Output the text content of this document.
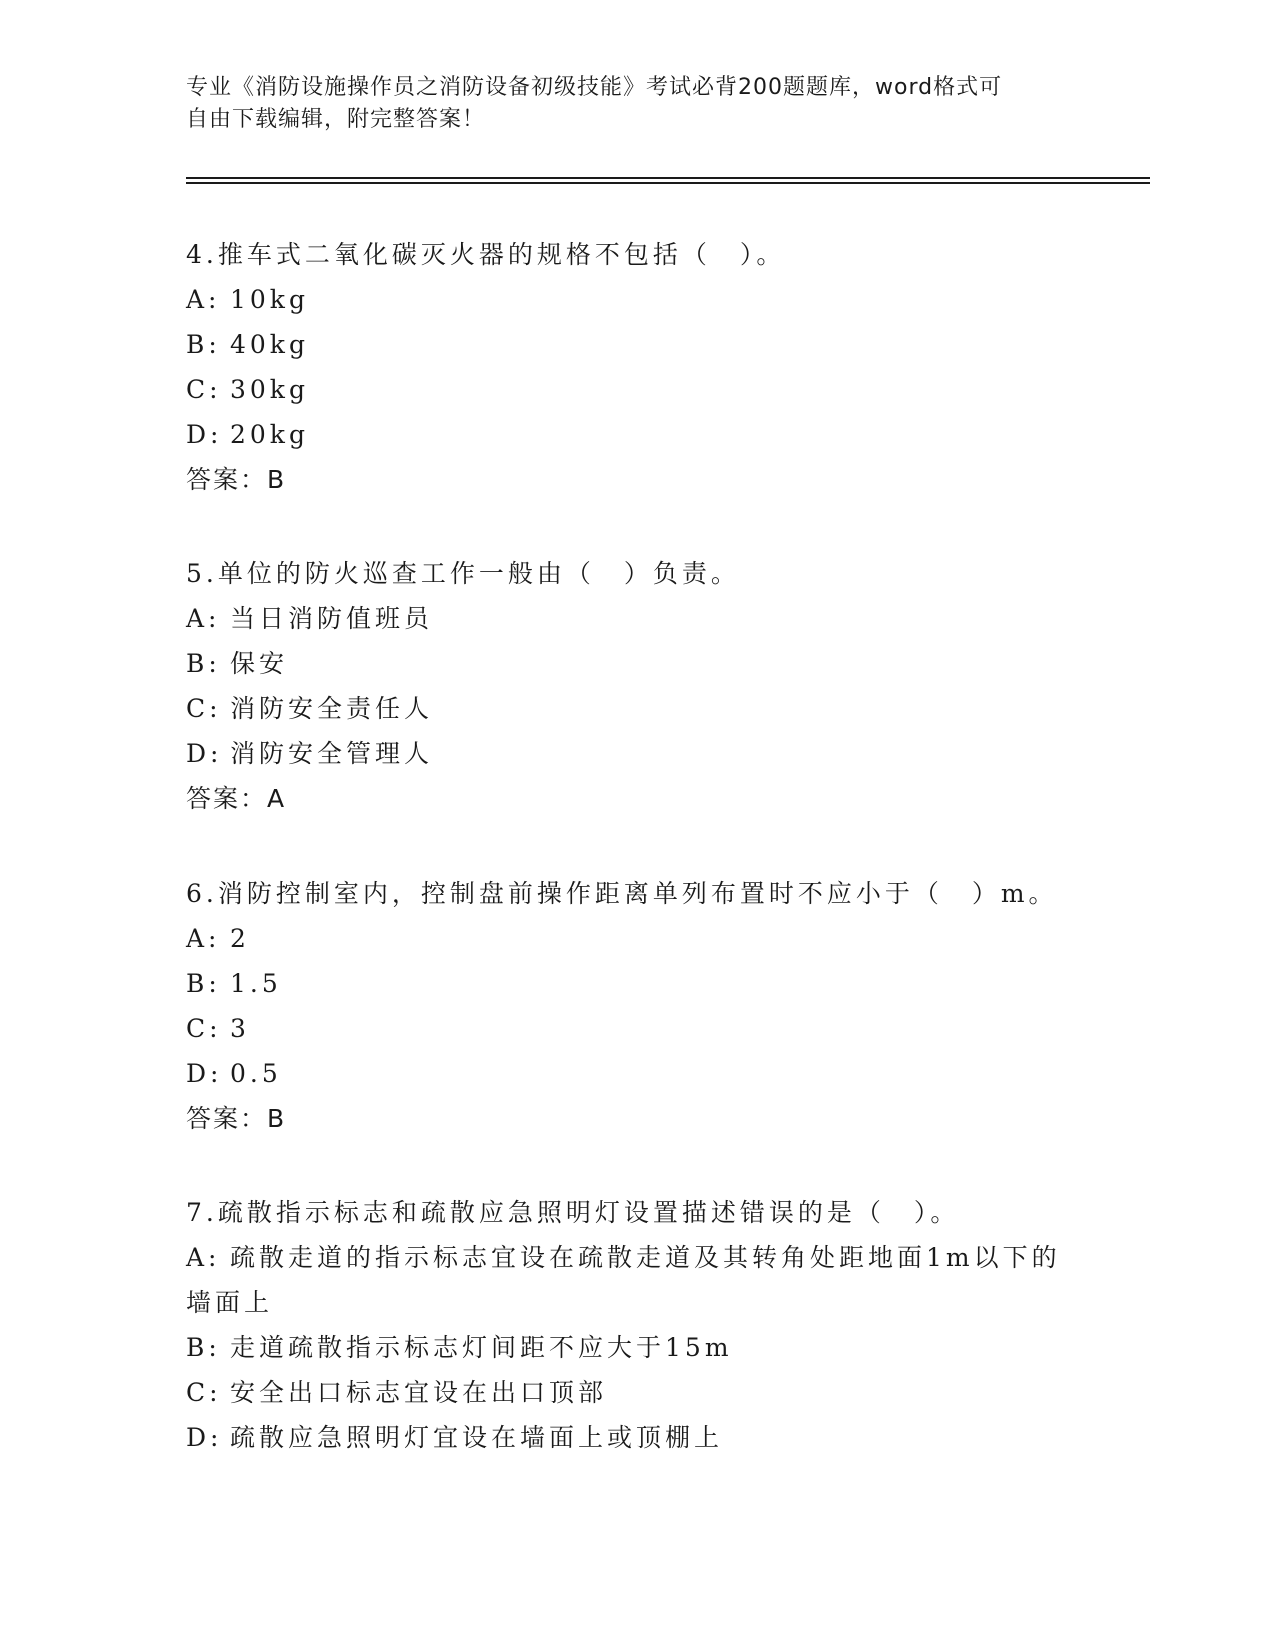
专业《消防设施操作员之消防设备初级技能》考试必背200题题库，word格式可
自由下载编辑，附完整答案！
4.推车式二氧化碳灭火器的规格不包括（　）。
A: 10kg
B: 40kg
C: 30kg
D: 20kg
答案：B
5.单位的防火巡查工作一般由（　）负责。
A: 当日消防值班员
B: 保安
C: 消防安全责任人
D: 消防安全管理人
答案：A
6.消防控制室内，控制盘前操作距离单列布置时不应小于（　）m。
A: 2
B: 1.5
C: 3
D: 0.5
答案：B
7.疏散指示标志和疏散应急照明灯设置描述错误的是（　）。
A: 疏散走道的指示标志宜设在疏散走道及其转角处距地面1m以下的
墙面上
B: 走道疏散指示标志灯间距不应大于15m
C: 安全出口标志宜设在出口顶部
D: 疏散应急照明灯宜设在墙面上或顶棚上
